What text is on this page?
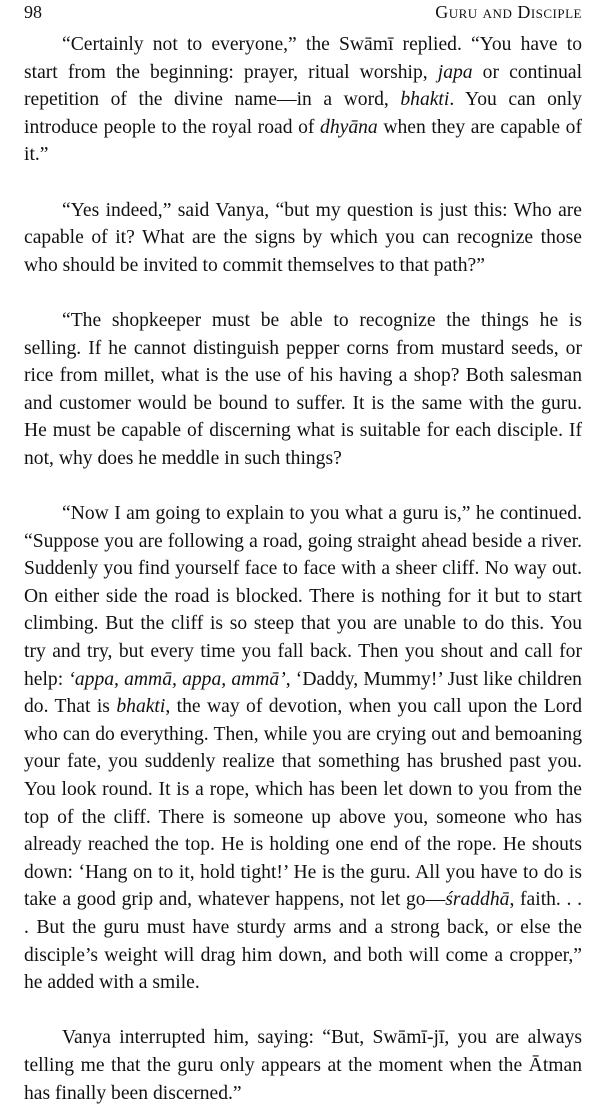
98	Guru and Disciple

“Certainly not to everyone,” the Swāmī replied. “You have to start from the beginning: prayer, ritual worship, japa or continual repetition of the divine name—in a word, bhakti. You can only introduce people to the royal road of dhyāna when they are capable of it.”

“Yes indeed,” said Vanya, “but my question is just this: Who are capable of it? What are the signs by which you can recognize those who should be invited to commit themselves to that path?”

“The shopkeeper must be able to recognize the things he is selling. If he cannot distinguish pepper corns from mustard seeds, or rice from millet, what is the use of his having a shop? Both salesman and customer would be bound to suffer. It is the same with the guru. He must be capable of discerning what is suitable for each disciple. If not, why does he meddle in such things?

“Now I am going to explain to you what a guru is,” he continued. “Suppose you are following a road, going straight ahead beside a river. Suddenly you find yourself face to face with a sheer cliff. No way out. On either side the road is blocked. There is nothing for it but to start climbing. But the cliff is so steep that you are unable to do this. You try and try, but every time you fall back. Then you shout and call for help: ‘appa, ammā, appa, ammā’, ‘Daddy, Mummy!’ Just like children do. That is bhakti, the way of devotion, when you call upon the Lord who can do everything. Then, while you are crying out and bemoaning your fate, you suddenly realize that something has brushed past you. You look round. It is a rope, which has been let down to you from the top of the cliff. There is someone up above you, someone who has already reached the top. He is holding one end of the rope. He shouts down: ‘Hang on to it, hold tight!’ He is the guru. All you have to do is take a good grip and, whatever happens, not let go—śraddhā, faith. . . . But the guru must have sturdy arms and a strong back, or else the disciple’s weight will drag him down, and both will come a cropper,” he added with a smile.

Vanya interrupted him, saying: “But, Swāmī-jī, you are always telling me that the guru only appears at the moment when the Ātman has finally been discerned.”
